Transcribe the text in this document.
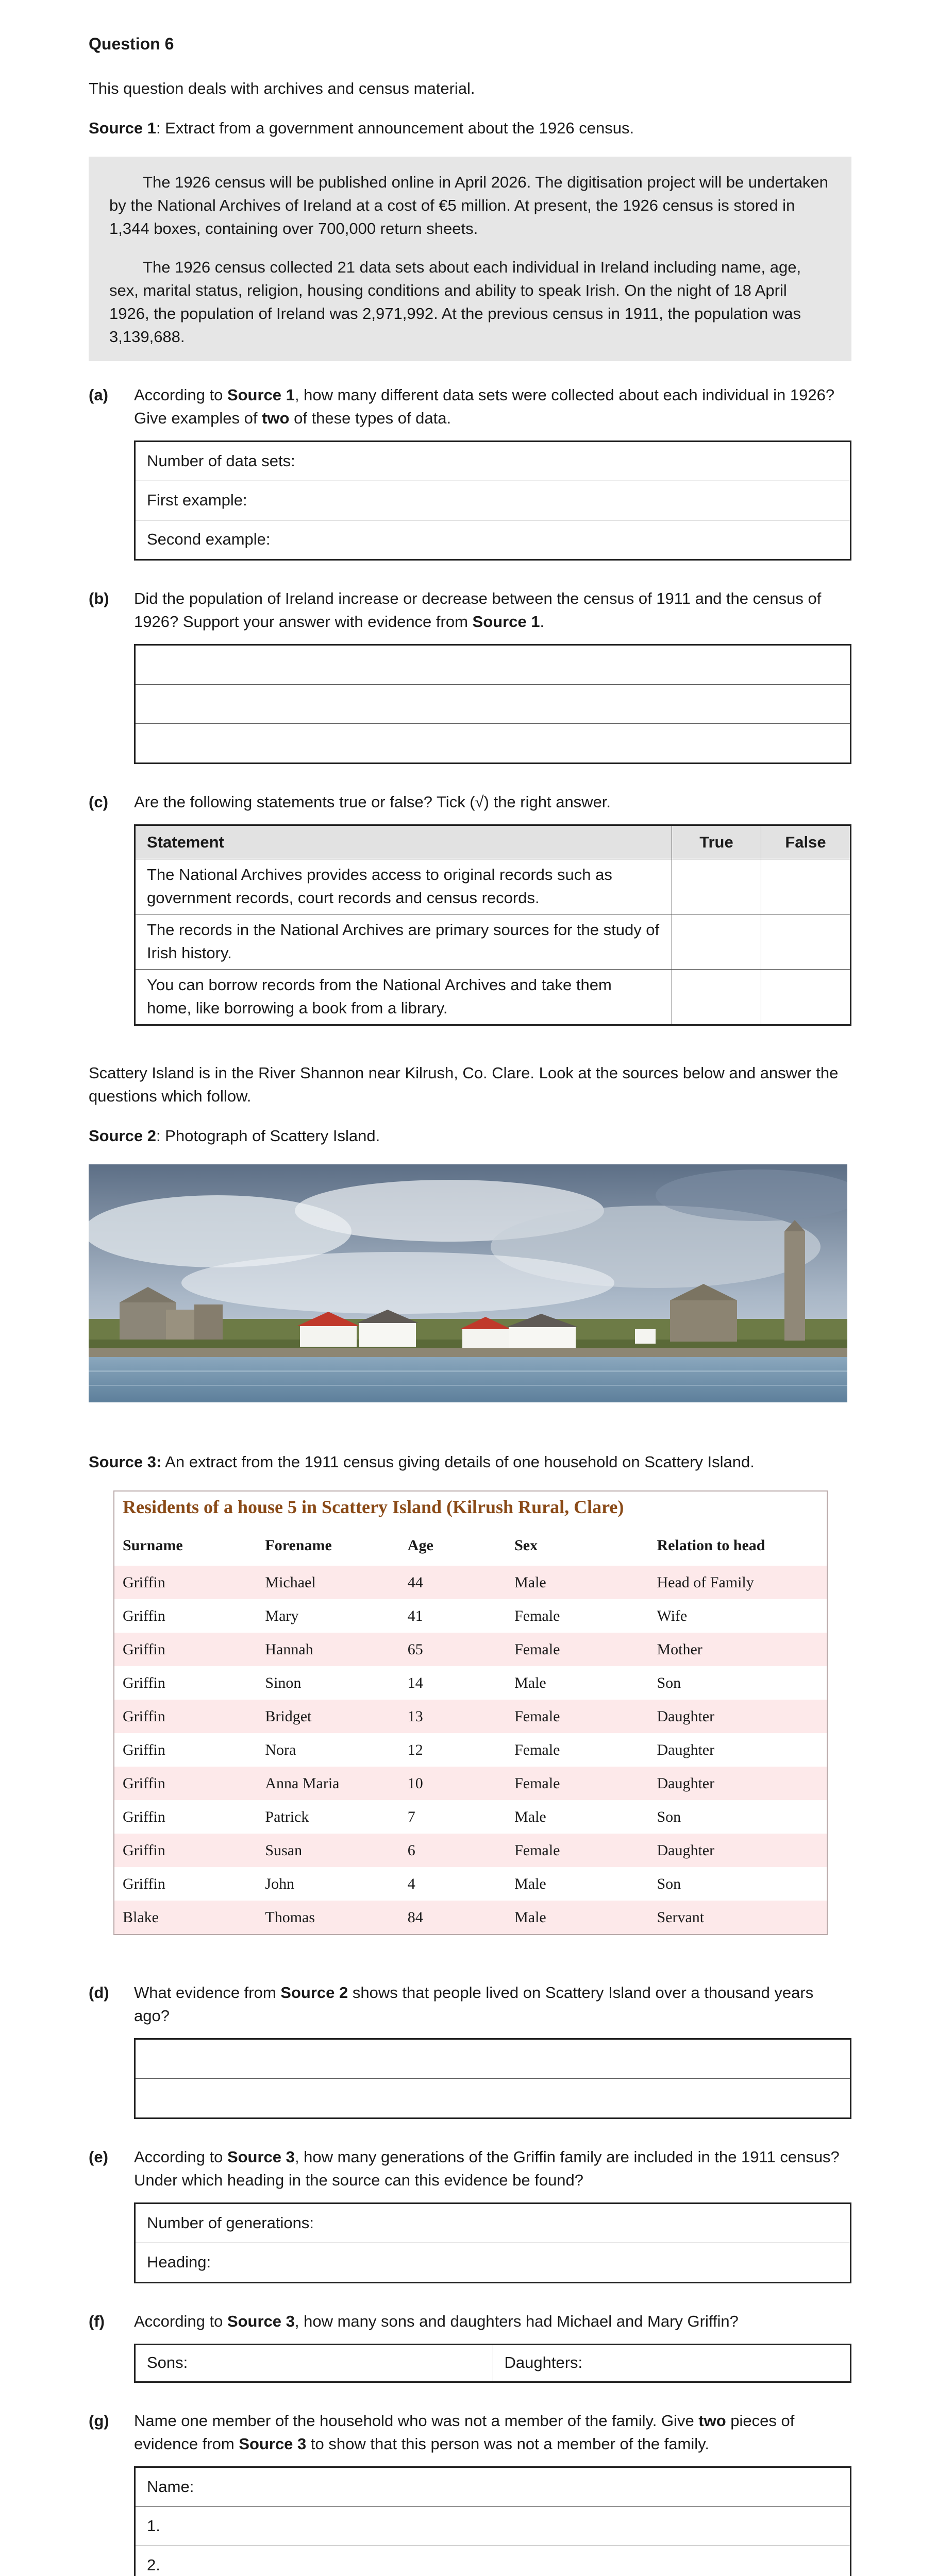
Question 6

This question deals with archives and census material.

Source 1: Extract from a government announcement about the 1926 census.

The 1926 census will be published online in April 2026. The digitisation project will be undertaken by the National Archives of Ireland at a cost of €5 million. At present, the 1926 census is stored in 1,344 boxes, containing over 700,000 return sheets.

The 1926 census collected 21 data sets about each individual in Ireland including name, age, sex, marital status, religion, housing conditions and ability to speak Irish. On the night of 18 April 1926, the population of Ireland was 2,971,992. At the previous census in 1911, the population was 3,139,688.

(a)	According to Source 1, how many different data sets were collected about each individual in 1926? Give examples of two of these types of data.
Number of data sets:
First example:
Second example:
(b)	Did the population of Ireland increase or decrease between the census of 1911 and the census of 1926? Support your answer with evidence from Source 1.

(c)	Are the following statements true or false? Tick (√) the right answer.
Statement	True	False
The National Archives provides access to original records such as government records, court records and census records.		
The records in the National Archives are primary sources for the study of Irish history.		
You can borrow records from the National Archives and take them home, like borrowing a book from a library.		

Scattery Island is in the River Shannon near Kilrush, Co. Clare. Look at the sources below and answer the questions which follow.

Source 2: Photograph of Scattery Island.

Source 3: An extract from the 1911 census giving details of one household on Scattery Island.

Residents of a house 5 in Scattery Island (Kilrush Rural, Clare)
Surname	Forename	Age	Sex	Relation to head
Griffin	Michael	44	Male	Head of Family
Griffin	Mary	41	Female	Wife
Griffin	Hannah	65	Female	Mother
Griffin	Sinon	14	Male	Son
Griffin	Bridget	13	Female	Daughter
Griffin	Nora	12	Female	Daughter
Griffin	Anna Maria	10	Female	Daughter
Griffin	Patrick	7	Male	Son
Griffin	Susan	6	Female	Daughter
Griffin	John	4	Male	Son
Blake	Thomas	84	Male	Servant
(d)	What evidence from Source 2 shows that people lived on Scattery Island over a thousand years ago?

(e)	According to Source 3, how many generations of the Griffin family are included in the 1911 census? Under which heading in the source can this evidence be found?
Number of generations:
Heading:
(f)	According to Source 3, how many sons and daughters had Michael and Mary Griffin?
Sons:	Daughters:
(g)	Name one member of the household who was not a member of the family. Give two pieces of evidence from Source 3 to show that this person was not a member of the family.
Name:
1.
2.
